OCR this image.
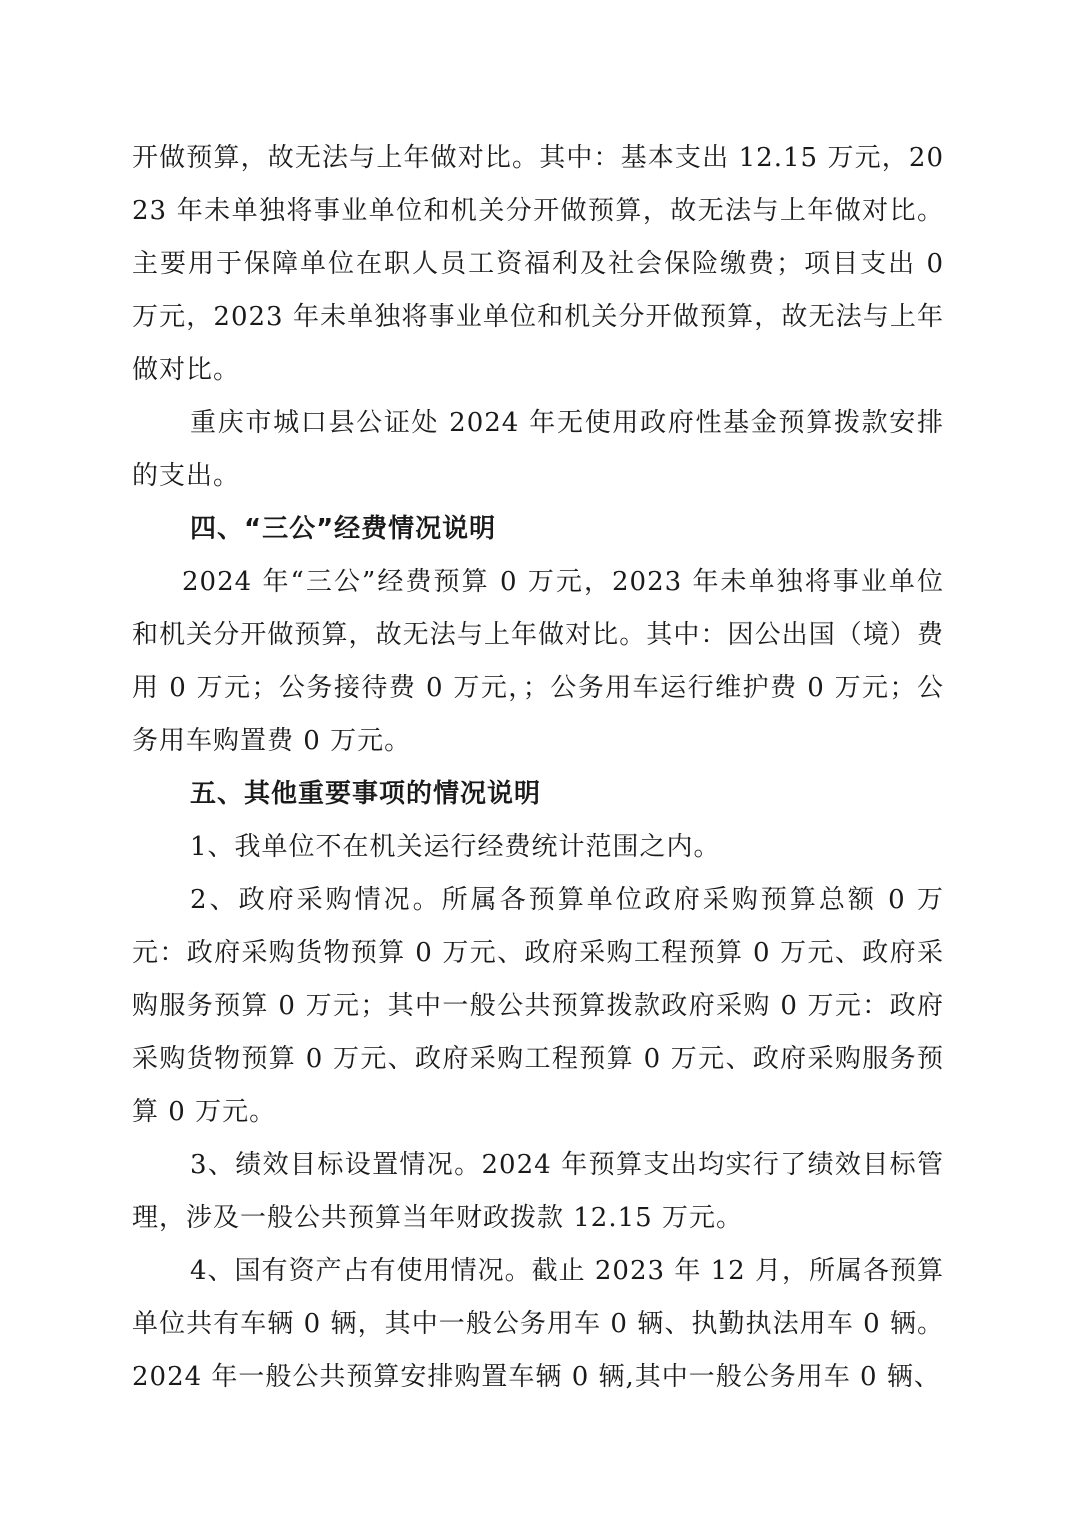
开做预算，故无法与上年做对比。其中：基本支出 12.15 万元，2023 年未单独将事业单位和机关分开做预算，故无法与上年做对比。主要用于保障单位在职人员工资福利及社会保险缴费；项目支出 0 万元，2023 年未单独将事业单位和机关分开做预算，故无法与上年做对比。

重庆市城口县公证处 2024 年无使用政府性基金预算拨款安排的支出。

四、“三公”经费情况说明

2024 年“三公”经费预算 0 万元，2023 年未单独将事业单位和机关分开做预算，故无法与上年做对比。其中：因公出国（境）费用 0 万元；公务接待费 0 万元，；公务用车运行维护费 0 万元；公务用车购置费 0 万元。

五、其他重要事项的情况说明

1、我单位不在机关运行经费统计范围之内。

2、政府采购情况。所属各预算单位政府采购预算总额 0 万元：政府采购货物预算 0 万元、政府采购工程预算 0 万元、政府采购服务预算 0 万元；其中一般公共预算拨款政府采购 0 万元：政府采购货物预算 0 万元、政府采购工程预算 0 万元、政府采购服务预算 0 万元。

3、绩效目标设置情况。2024 年预算支出均实行了绩效目标管理，涉及一般公共预算当年财政拨款 12.15 万元。

4、国有资产占有使用情况。截止 2023 年 12 月，所属各预算单位共有车辆 0 辆，其中一般公务用车 0 辆、执勤执法用车 0 辆。2024 年一般公共预算安排购置车辆 0 辆,其中一般公务用车 0 辆、
